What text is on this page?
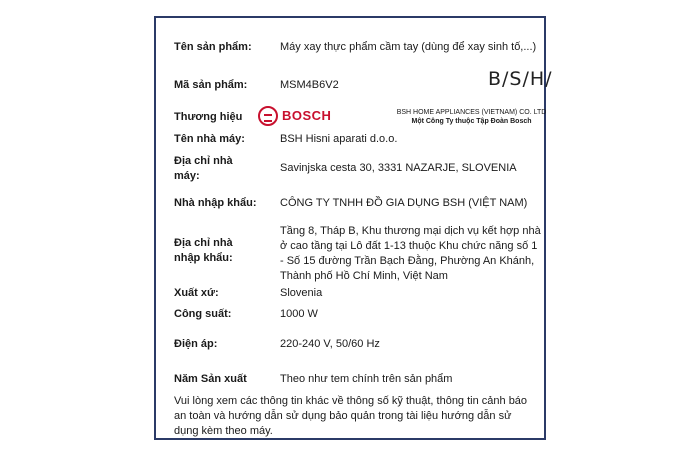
Tên sản phẩm:	Máy xay thực phẩm cầm tay (dùng để xay sinh tố,...)
Mã sản phẩm:	MSM4B6V2	B/S/H/
Thương hiệu	BOSCH	BSH HOME APPLIANCES (VIETNAM) CO. LTD
Một Công Ty thuộc Tập Đoàn Bosch
Tên nhà máy:	BSH Hisni aparati d.o.o.
Địa chỉ nhà máy:
Savinjska cesta 30, 3331 NAZARJE, SLOVENIA
Nhà nhập khẩu:	CÔNG TY TNHH ĐỒ GIA DỤNG BSH (VIỆT NAM)
Địa chỉ nhà nhập khẩu:
Tầng 8, Tháp B, Khu thương mại dịch vụ kết hợp nhà ở cao tầng tại Lô đất 1-13 thuộc Khu chức năng số 1 - Số 15 đường Trần Bạch Đằng, Phường An Khánh, Thành phố Hồ Chí Minh, Việt Nam
Xuất xứ:	Slovenia
Công suất:	1000 W
Điện áp:	220-240 V, 50/60 Hz
Năm Sản xuất	Theo như tem chính trên sản phẩm
Vui lòng xem các thông tin khác về thông số kỹ thuật, thông tin cảnh báo an toàn và hướng dẫn sử dụng bảo quản trong tài liệu hướng dẫn sử dụng kèm theo máy.
